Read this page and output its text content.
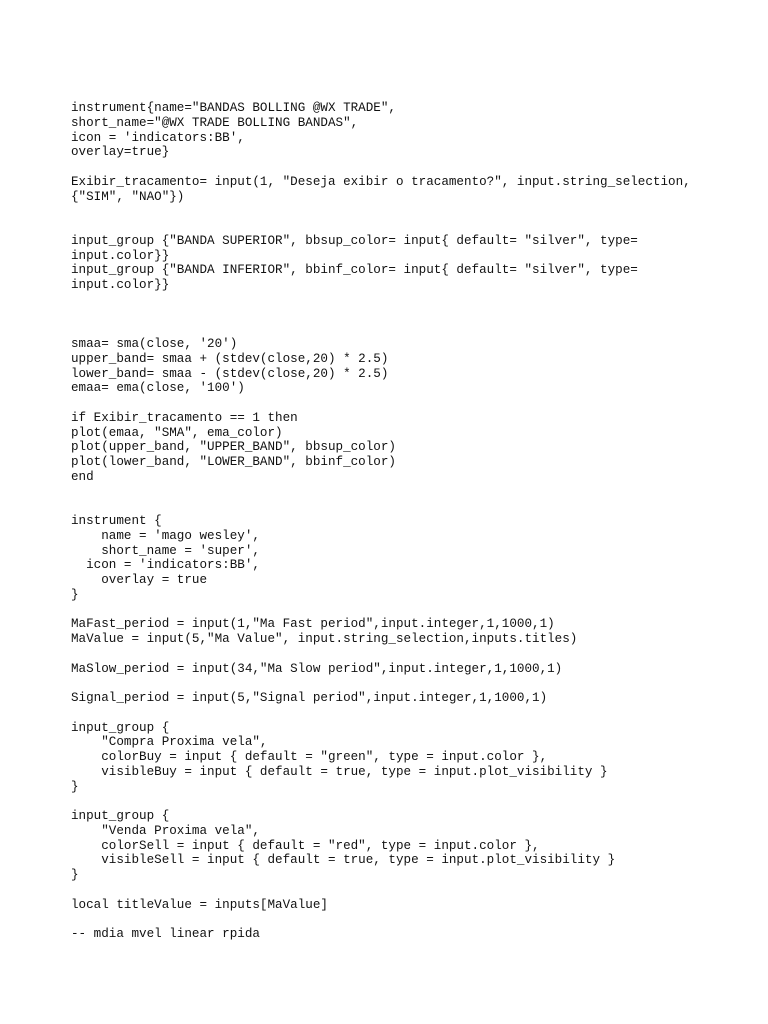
instrument{name="BANDAS BOLLING @WX TRADE",
short_name="@WX TRADE BOLLING BANDAS",
icon = 'indicators:BB',
overlay=true}
Exibir_tracamento= input(1, "Deseja exibir o tracamento?", input.string_selection,
{"SIM", "NAO"})
input_group {"BANDA SUPERIOR", bbsup_color= input{ default= "silver", type=
input.color}}
input_group {"BANDA INFERIOR", bbinf_color= input{ default= "silver", type=
input.color}}
smaa= sma(close, '20')
upper_band= smaa + (stdev(close,20) * 2.5)
lower_band= smaa - (stdev(close,20) * 2.5)
emaa= ema(close, '100')
if Exibir_tracamento == 1 then
plot(emaa, "SMA", ema_color)
plot(upper_band, "UPPER_BAND", bbsup_color)
plot(lower_band, "LOWER_BAND", bbinf_color)
end
instrument {
name = 'mago wesley',
short_name = 'super',
icon = 'indicators:BB',
overlay = true
}
MaFast_period = input(1,"Ma Fast period",input.integer,1,1000,1)
MaValue = input(5,"Ma Value", input.string_selection,inputs.titles)
MaSlow_period = input(34,"Ma Slow period",input.integer,1,1000,1)
Signal_period = input(5,"Signal period",input.integer,1,1000,1)
input_group {
"Compra Proxima vela",
colorBuy = input { default = "green", type = input.color },
visibleBuy = input { default = true, type = input.plot_visibility }
}
input_group {
"Venda Proxima vela",
colorSell = input { default = "red", type = input.color },
visibleSell = input { default = true, type = input.plot_visibility }
}
local titleValue = inputs[MaValue]
-- mdia mvel linear rpida
